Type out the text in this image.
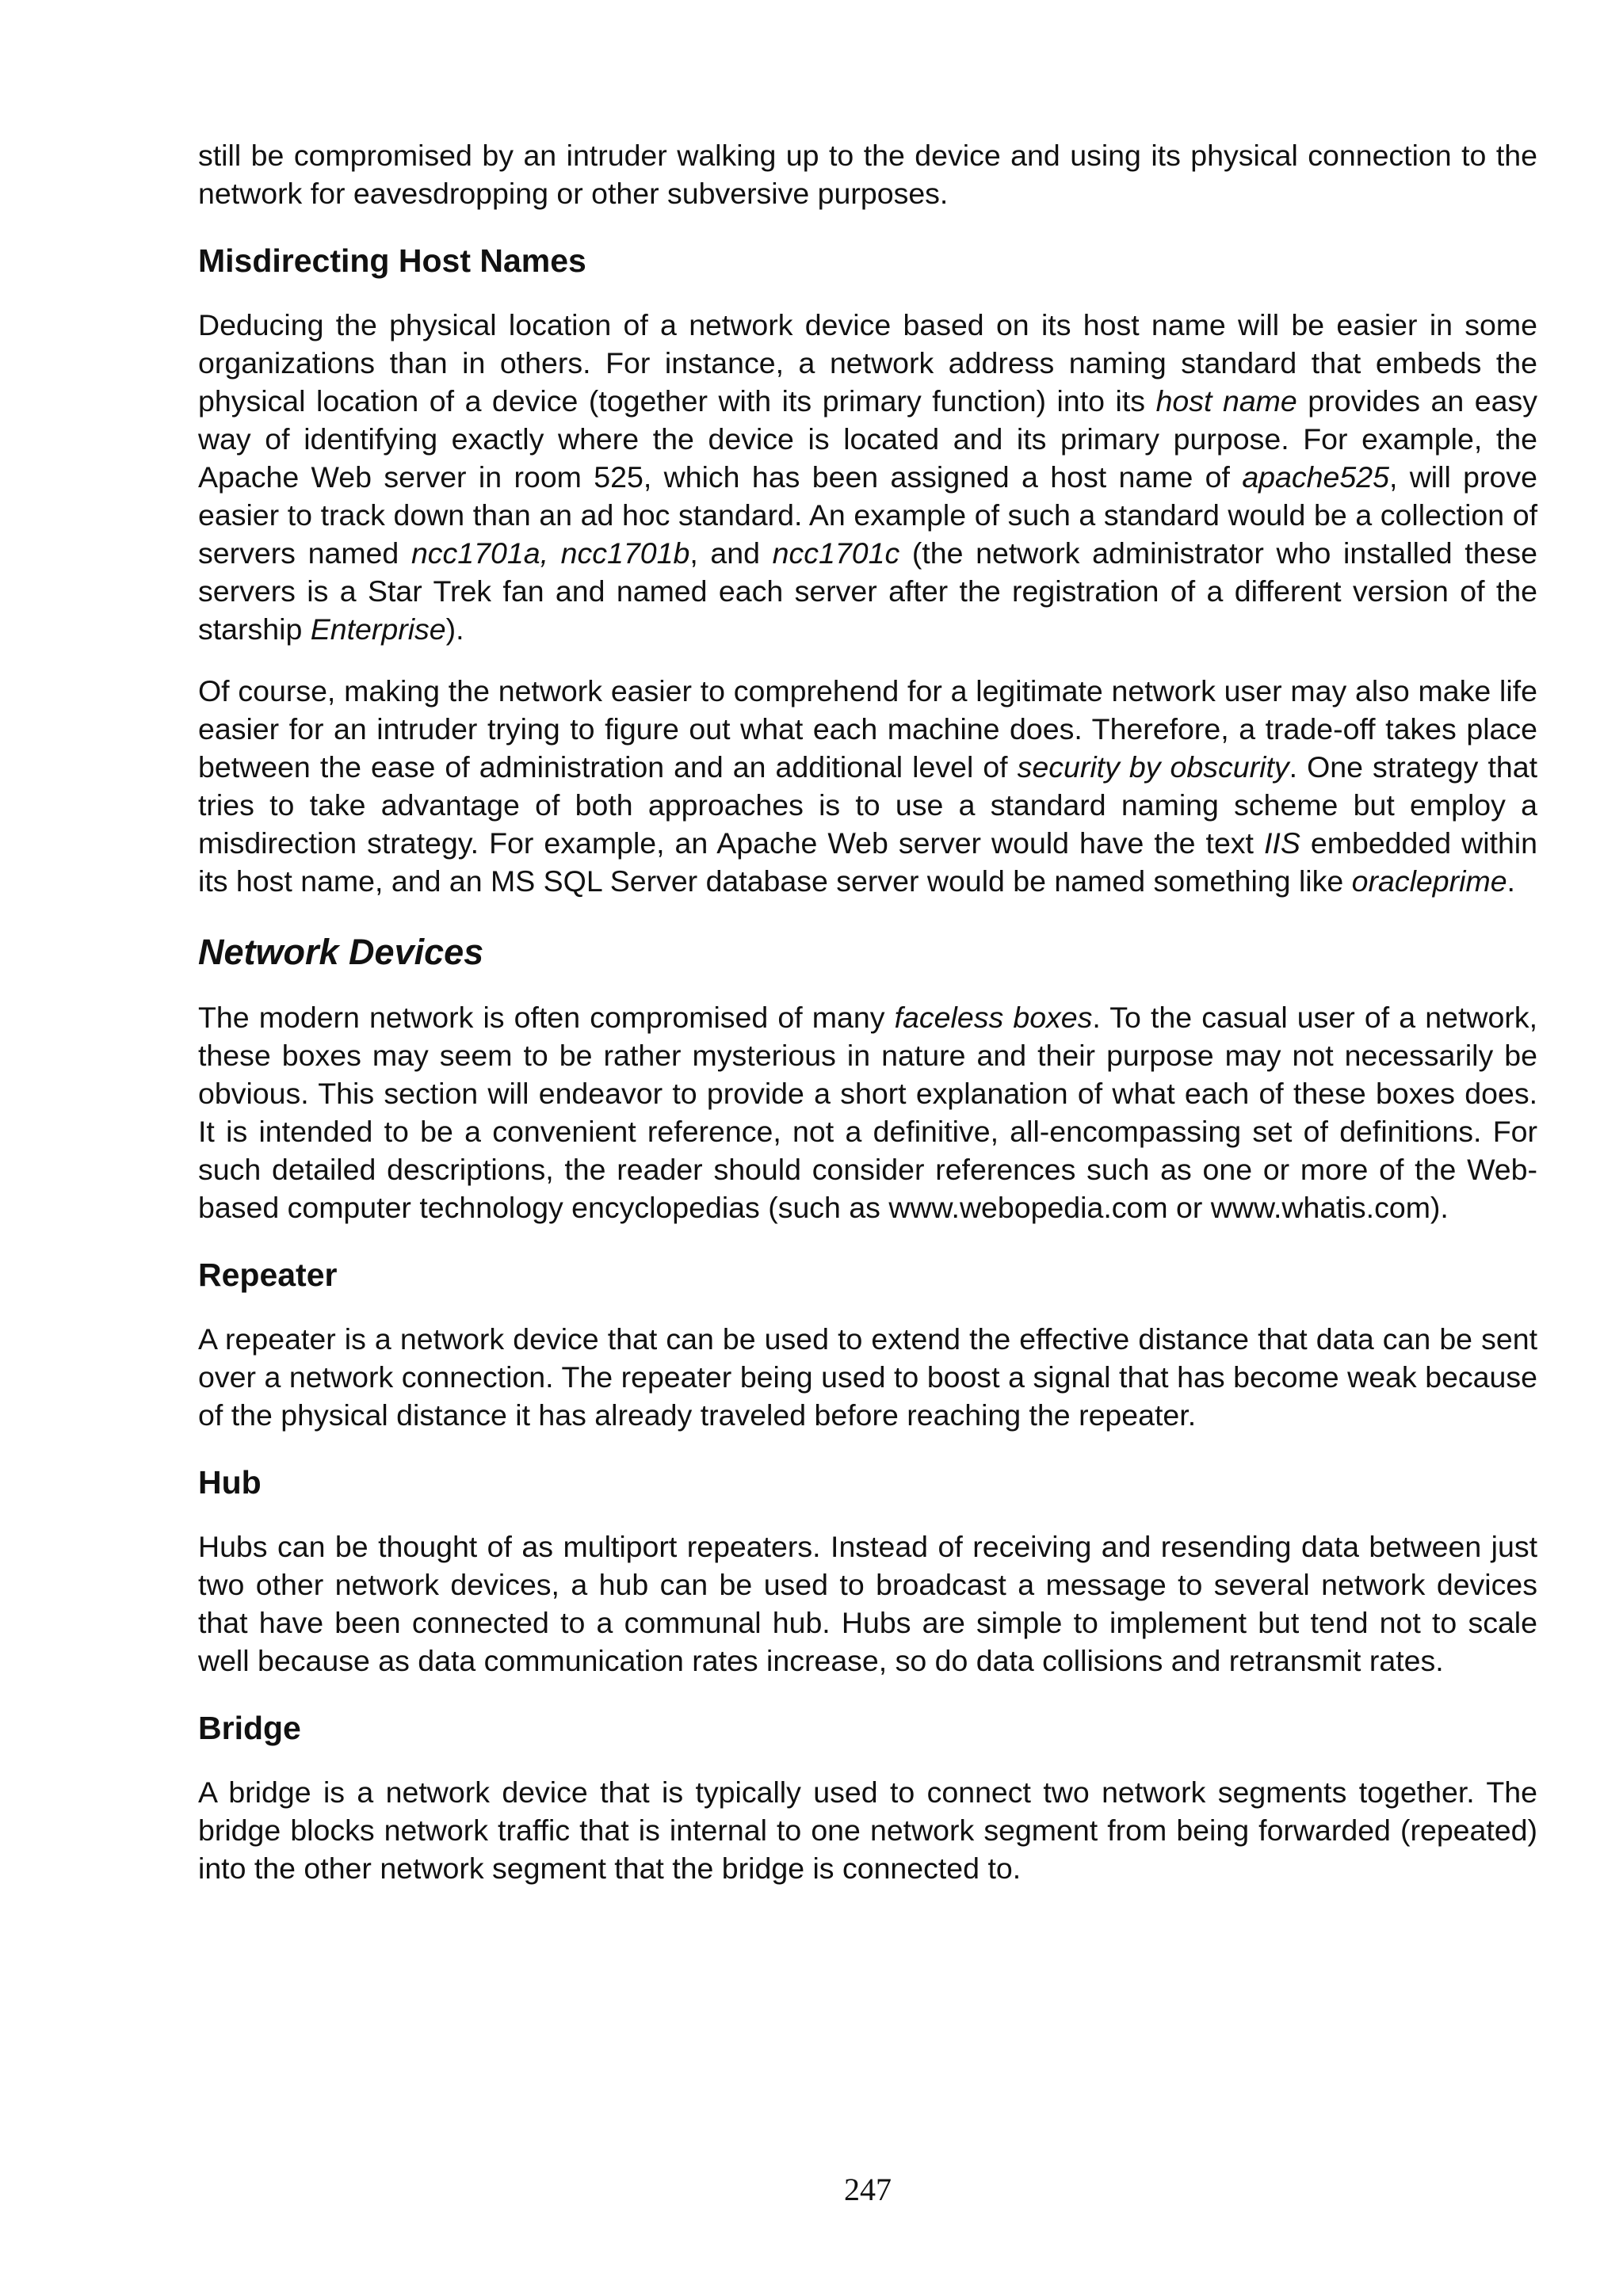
still be compromised by an intruder walking up to the device and using its physical connection to the network for eavesdropping or other subversive purposes.

Misdirecting Host Names

Deducing the physical location of a network device based on its host name will be easier in some organizations than in others. For instance, a network address naming standard that embeds the physical location of a device (together with its primary function) into its host name provides an easy way of identifying exactly where the device is located and its primary purpose. For example, the Apache Web server in room 525, which has been assigned a host name of apache525, will prove easier to track down than an ad hoc standard. An example of such a standard would be a collection of servers named ncc1701a, ncc1701b, and ncc1701c (the network administrator who installed these servers is a Star Trek fan and named each server after the registration of a different version of the starship Enterprise).

Of course, making the network easier to comprehend for a legitimate network user may also make life easier for an intruder trying to figure out what each machine does. Therefore, a trade-off takes place between the ease of administration and an additional level of security by obscurity. One strategy that tries to take advantage of both approaches is to use a standard naming scheme but employ a misdirection strategy. For example, an Apache Web server would have the text IIS embedded within its host name, and an MS SQL Server database server would be named something like oracleprime.

Network Devices

The modern network is often compromised of many faceless boxes. To the casual user of a network, these boxes may seem to be rather mysterious in nature and their purpose may not necessarily be obvious. This section will endeavor to provide a short explanation of what each of these boxes does. It is intended to be a convenient reference, not a definitive, all-encompassing set of definitions. For such detailed descriptions, the reader should consider references such as one or more of the Web-based computer technology encyclopedias (such as www.webopedia.com or www.whatis.com).

Repeater

A repeater is a network device that can be used to extend the effective distance that data can be sent over a network connection. The repeater being used to boost a signal that has become weak because of the physical distance it has already traveled before reaching the repeater.

Hub

Hubs can be thought of as multiport repeaters. Instead of receiving and resending data between just two other network devices, a hub can be used to broadcast a message to several network devices that have been connected to a communal hub. Hubs are simple to implement but tend not to scale well because as data communication rates increase, so do data collisions and retransmit rates.

Bridge

A bridge is a network device that is typically used to connect two network segments together. The bridge blocks network traffic that is internal to one network segment from being forwarded (repeated) into the other network segment that the bridge is connected to.

247
